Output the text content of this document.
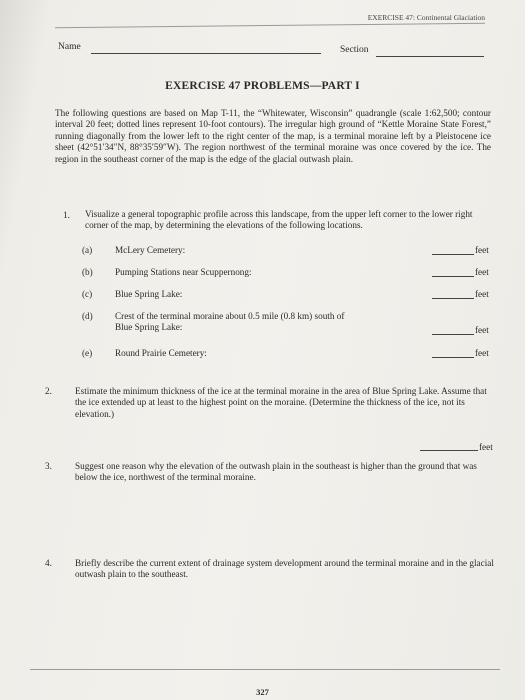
EXERCISE 47: Continental Glaciation
Name	Section
EXERCISE 47 PROBLEMS—PART I
The following questions are based on Map T-11, the “Whitewater, Wisconsin” quadrangle (scale 1:62,500; contour interval 20 feet; dotted lines represent 10-foot contours). The irregular high ground of “Kettle Moraine State Forest,” running diagonally from the lower left to the right center of the map, is a terminal moraine left by a Pleistocene ice sheet (42°51′34″N, 88°35′59″W). The region northwest of the terminal moraine was once covered by the ice. The region in the southeast corner of the map is the edge of the glacial outwash plain.
1. Visualize a general topographic profile across this landscape, from the upper left corner to the lower right corner of the map, by determining the elevations of the following locations.
(a) McLery Cemetery:	feet
(b) Pumping Stations near Scuppernong:	feet
(c) Blue Spring Lake:	feet
(d) Crest of the terminal moraine about 0.5 mile (0.8 km) south of Blue Spring Lake:	feet
(e) Round Prairie Cemetery:	feet
2.	Estimate the minimum thickness of the ice at the terminal moraine in the area of Blue Spring Lake. Assume that the ice extended up at least to the highest point on the moraine. (Determine the thickness of the ice, not its elevation.)
feet
3.	Suggest one reason why the elevation of the outwash plain in the southeast is higher than the ground that was below the ice, northwest of the terminal moraine.
4.	Briefly describe the current extent of drainage system development around the terminal moraine and in the glacial outwash plain to the southeast.
327
